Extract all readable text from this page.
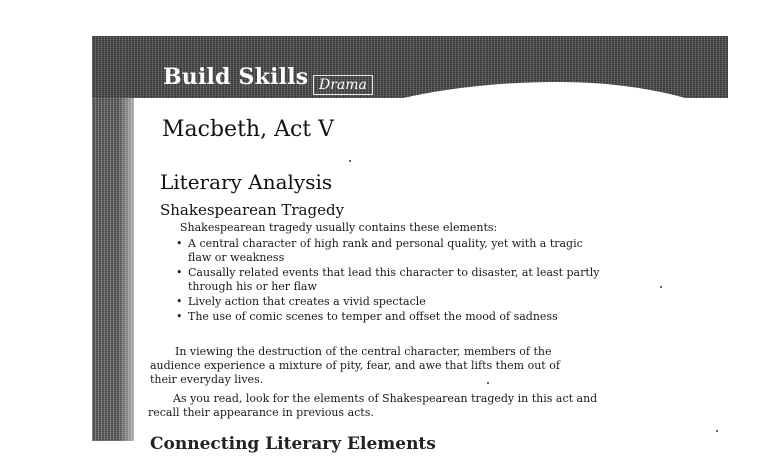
Build Skills Drama
Macbeth, Act V
Literary Analysis
Shakespearean Tragedy

Shakespearean tragedy usually contains these elements:

• A central character of high rank and personal quality, yet with a tragic flaw or weakness
• Causally related events that lead this character to disaster, at least partly through his or her flaw
• Lively action that creates a vivid spectacle
• The use of comic scenes to temper and offset the mood of sadness

In viewing the destruction of the central character, members of the audience experience a mixture of pity, fear, and awe that lifts them out of their everyday lives.

As you read, look for the elements of Shakespearean tragedy in this act and recall their appearance in previous acts.

Connecting Literary Elements
